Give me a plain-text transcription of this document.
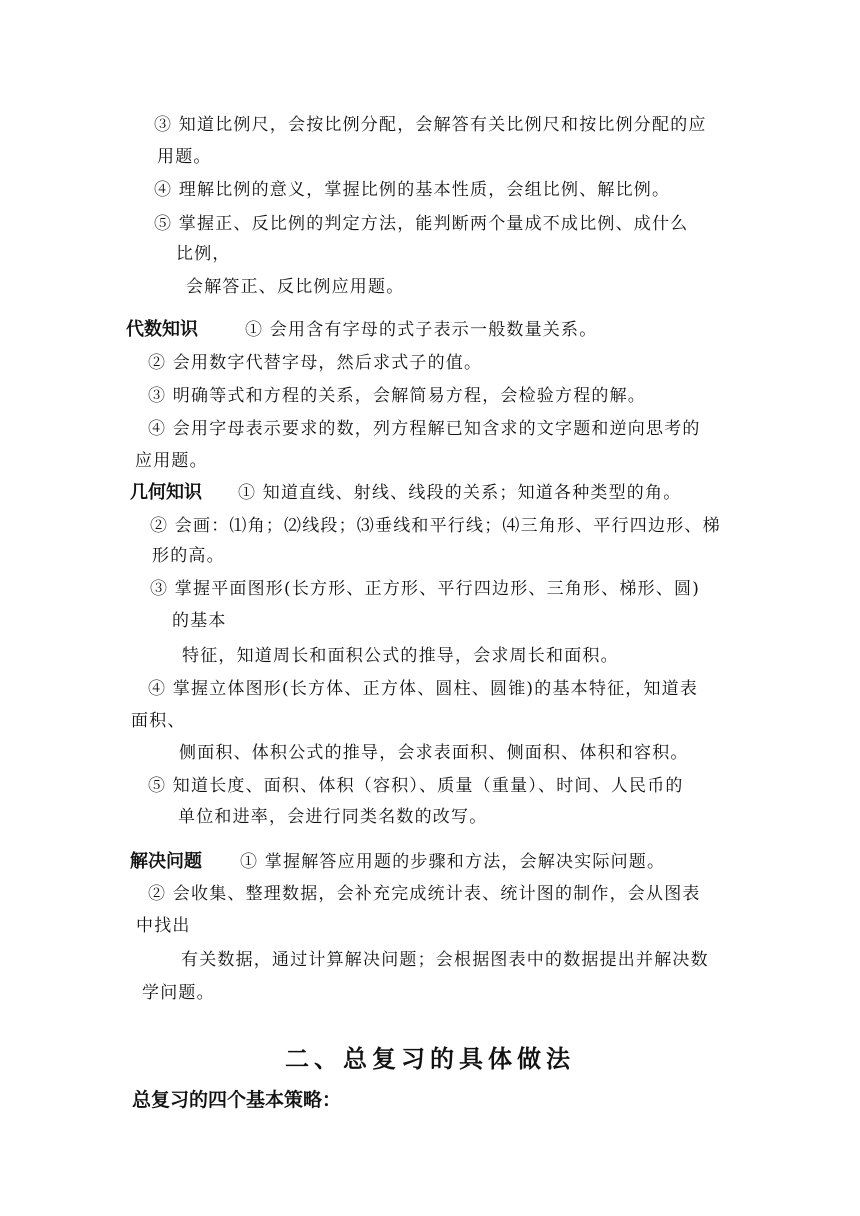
③ 知道比例尺，会按比例分配，会解答有关比例尺和按比例分配的应
用题。
④ 理解比例的意义，掌握比例的基本性质，会组比例、解比例。
⑤ 掌握正、反比例的判定方法，能判断两个量成不成比例、成什么
比例，
会解答正、反比例应用题。
代数知识	① 会用含有字母的式子表示一般数量关系。
② 会用数字代替字母，然后求式子的值。
③ 明确等式和方程的关系，会解简易方程，会检验方程的解。
④ 会用字母表示要求的数，列方程解已知含求的文字题和逆向思考的
应用题。
几何知识 ① 知道直线、射线、线段的关系；知道各种类型的角。
② 会画：⑴角；⑵线段；⑶垂线和平行线；⑷三角形、平行四边形、梯
形的高。
③ 掌握平面图形(长方形、正方形、平行四边形、三角形、梯形、圆)
的基本
特征，知道周长和面积公式的推导，会求周长和面积。
④ 掌握立体图形(长方体、正方体、圆柱、圆锥)的基本特征，知道表
面积、
侧面积、体积公式的推导，会求表面积、侧面积、体积和容积。
⑤ 知道长度、面积、体积（容积）、质量（重量）、时间、人民币的
单位和进率，会进行同类名数的改写。
解决问题 ① 掌握解答应用题的步骤和方法，会解决实际问题。
② 会收集、整理数据，会补充完成统计表、统计图的制作，会从图表
中找出
有关数据，通过计算解决问题；会根据图表中的数据提出并解决数
学问题。
二、总复习的具体做法
总复习的四个基本策略：
